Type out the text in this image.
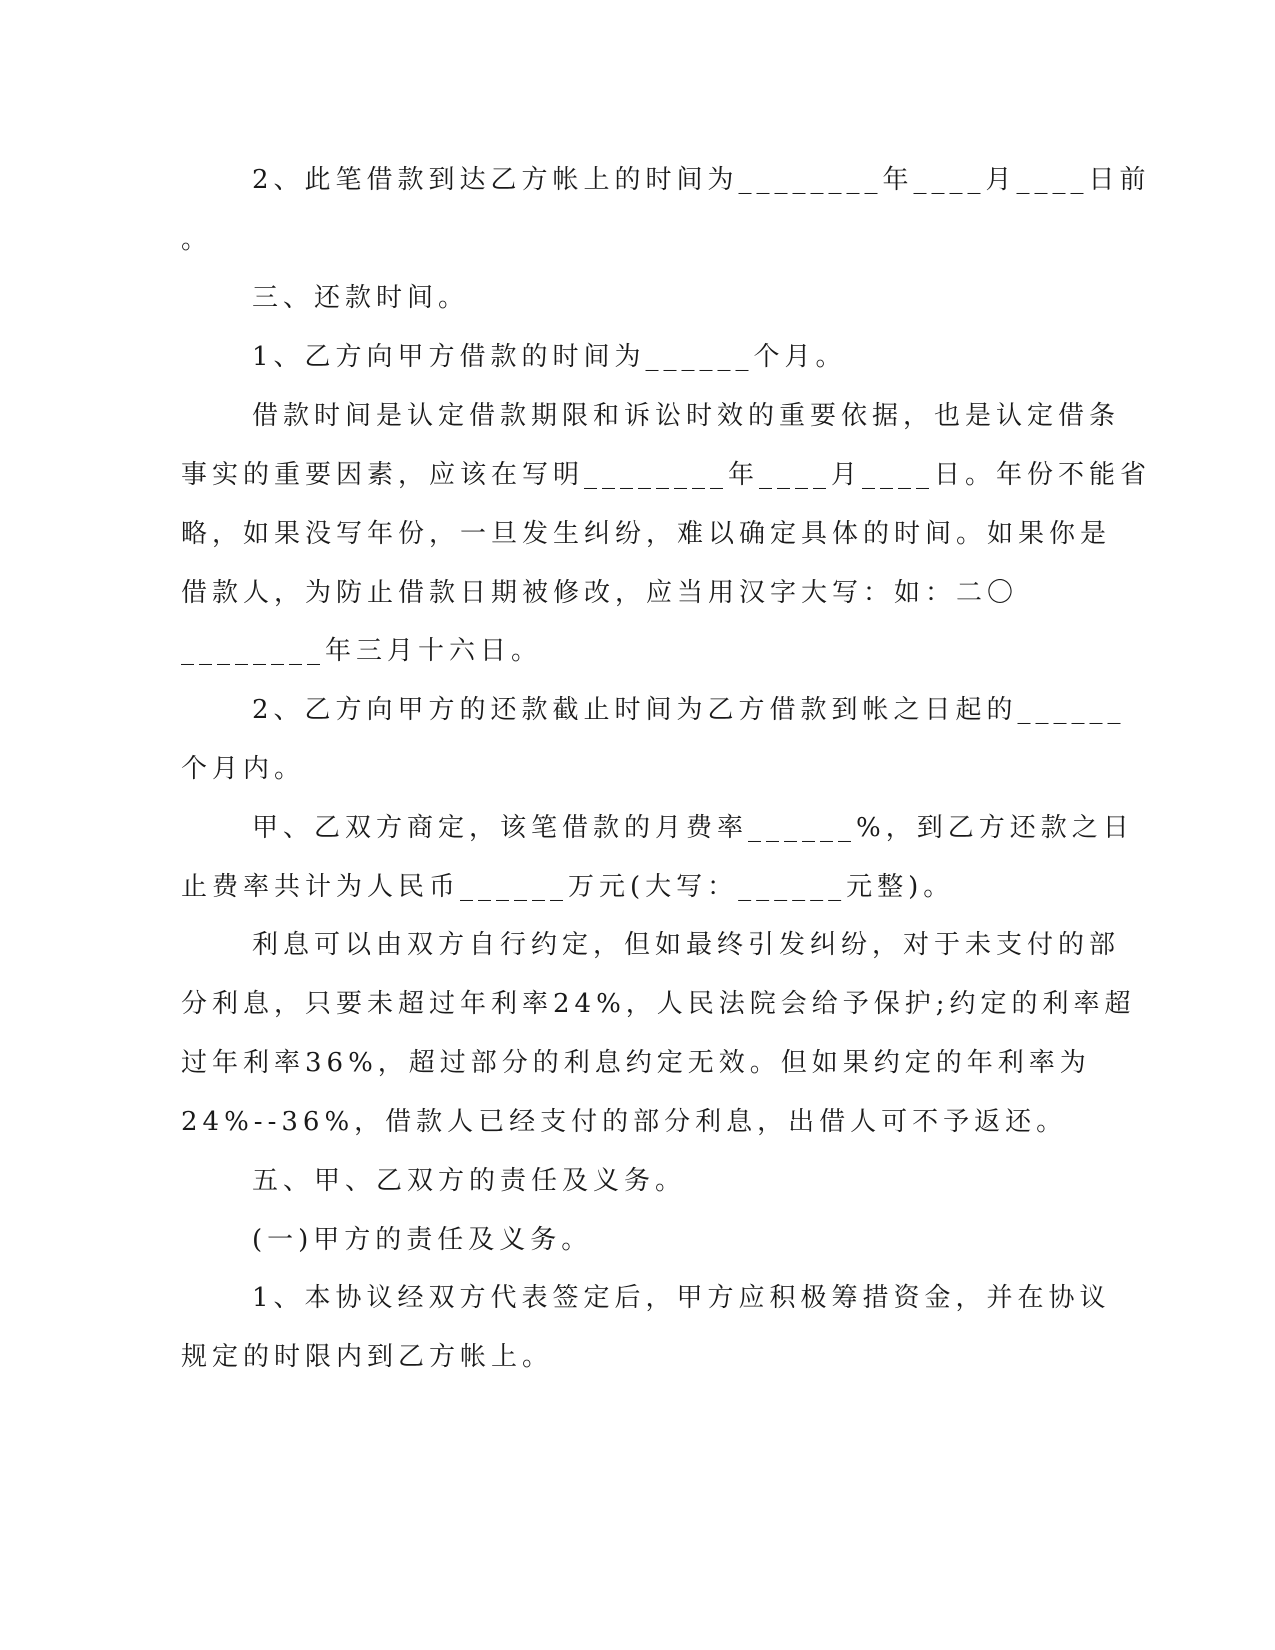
2、此笔借款到达乙方帐上的时间为________年____月____日前
。
三、还款时间。
1、乙方向甲方借款的时间为______个月。
借款时间是认定借款期限和诉讼时效的重要依据，也是认定借条
事实的重要因素，应该在写明________年____月____日。年份不能省
略，如果没写年份，一旦发生纠纷，难以确定具体的时间。如果你是
借款人，为防止借款日期被修改，应当用汉字大写：如：二〇
________年三月十六日。
2、乙方向甲方的还款截止时间为乙方借款到帐之日起的______
个月内。
甲、乙双方商定，该笔借款的月费率______%，到乙方还款之日
止费率共计为人民币______万元(大写：______元整)。
利息可以由双方自行约定，但如最终引发纠纷，对于未支付的部
分利息，只要未超过年利率24%，人民法院会给予保护;约定的利率超
过年利率36%，超过部分的利息约定无效。但如果约定的年利率为
24%--36%，借款人已经支付的部分利息，出借人可不予返还。
五、甲、乙双方的责任及义务。
(一)甲方的责任及义务。
1、本协议经双方代表签定后，甲方应积极筹措资金，并在协议
规定的时限内到乙方帐上。
